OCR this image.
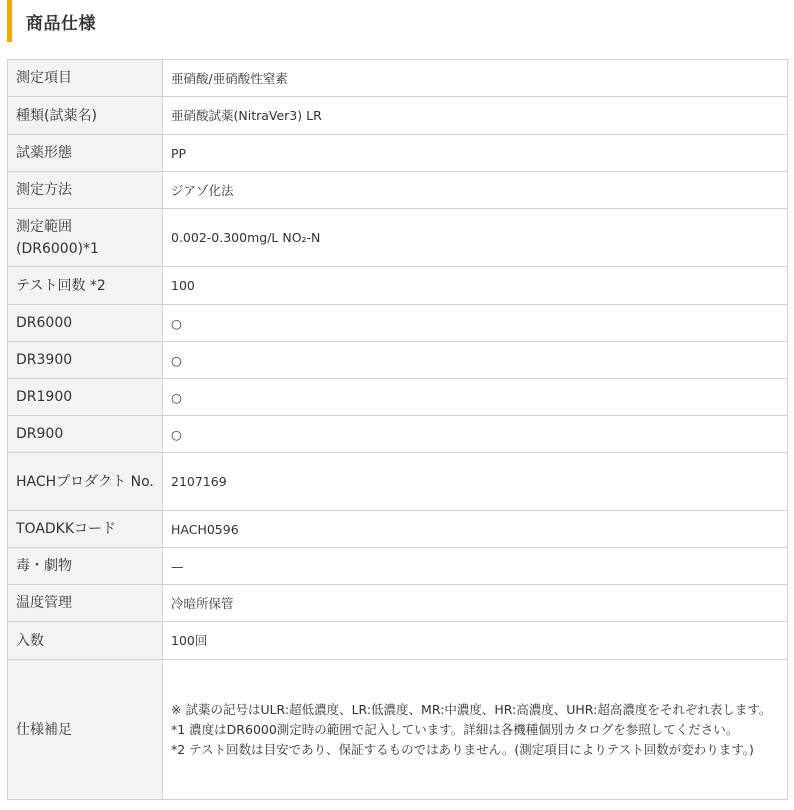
商品仕様
測定項目	亜硝酸/亜硝酸性窒素
種類(試薬名)	亜硝酸試薬(NitraVer3) LR
試薬形態	PP
測定方法	ジアゾ化法
測定範囲 (DR6000)*1	0.002-0.300mg/L NO₂-N
テスト回数 *2	100
DR6000	○
DR3900	○
DR1900	○
DR900	○
HACHプロダクト No.	2107169
TOADKKコード	HACH0596
毒・劇物	—
温度管理	冷暗所保管
入数	100回
仕様補足	※ 試薬の記号はULR:超低濃度、LR:低濃度、MR:中濃度、HR:高濃度、UHR:超高濃度をそれぞれ表します。
*1 濃度はDR6000測定時の範囲で記入しています。詳細は各機種個別カタログを参照してください。
*2 テスト回数は目安であり、保証するものではありません。(測定項目によりテスト回数が変わります。)
